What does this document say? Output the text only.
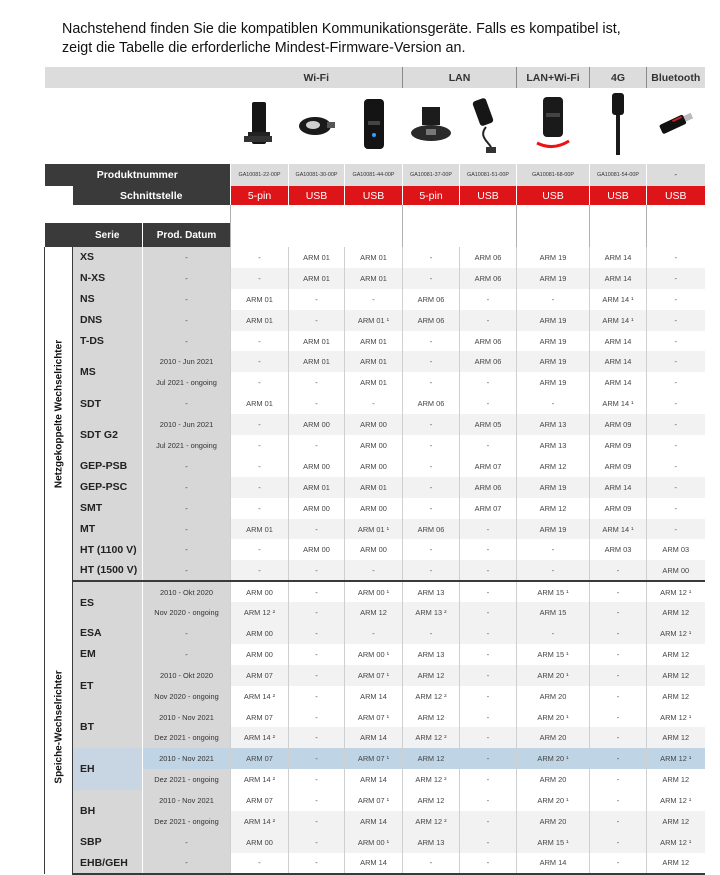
Nachstehend finden Sie die kompatiblen Kommunikationsgeräte. Falls es kompatibel ist,

zeigt die Tabelle die erforderliche Mindest-Firmware-Version an.

			Wi-Fi			LAN		LAN+Wi-Fi	4G	Bluetooth

Produktnummer			GA10081-22-00P	GA10081-30-00P	GA10081-44-00P	GA10081-37-00P	GA10081-51-00P	GA10081-68-00P	GA10081-54-00P	-
	Schnittstelle		5-pin	USB	USB	5-pin	USB	USB	USB	USB

	Serie	Prod. Datum								

Netzgekoppelte Wechselrichter	XS	-	-	ARM 01	ARM 01	-	ARM 06	ARM 19	ARM 14	-
	N-XS	-	-	ARM 01	ARM 01	-	ARM 06	ARM 19	ARM 14	-
	NS	-	ARM 01	-	-	ARM 06	-	-	ARM 14 ¹	-
	DNS	-	ARM 01	-	ARM 01 ¹	ARM 06	-	ARM 19	ARM 14 ¹	-
	T-DS	-	-	ARM 01	ARM 01	-	ARM 06	ARM 19	ARM 14	-
	MS	2010 - Jun 2021	-	ARM 01	ARM 01	-	ARM 06	ARM 19	ARM 14	-
		Jul 2021 - ongoing	-	-	ARM 01	-	-	ARM 19	ARM 14	-
	SDT	-	ARM 01	-	-	ARM 06	-	-	ARM 14 ¹	-
	SDT G2	2010 - Jun 2021	-	ARM 00	ARM 00	-	ARM 05	ARM 13	ARM 09	-
		Jul 2021 - ongoing	-	-	ARM 00	-	-	ARM 13	ARM 09	-
	GEP-PSB	-	-	ARM 00	ARM 00	-	ARM 07	ARM 12	ARM 09	-
	GEP-PSC	-	-	ARM 01	ARM 01	-	ARM 06	ARM 19	ARM 14	-
	SMT	-	-	ARM 00	ARM 00	-	ARM 07	ARM 12	ARM 09	-
	MT	-	ARM 01	-	ARM 01 ¹	ARM 06	-	ARM 19	ARM 14 ¹	-
	HT (1100 V)	-	-	ARM 00	ARM 00	-	-	-	ARM 03	ARM 03
	HT (1500 V)	-	-	-	-	-	-	-	-	ARM 00

Speiche-Wechselrichter	ES	2010 - Okt 2020	ARM 00	-	ARM 00 ¹	ARM 13	-	ARM 15 ¹	-	ARM 12 ¹
		Nov 2020 - ongoing	ARM 12 ²	-	ARM 12	ARM 13 ²	-	ARM 15	-	ARM 12
	ESA	-	ARM 00	-	-	-	-	-	-	ARM 12 ¹
	EM	-	ARM 00	-	ARM 00 ¹	ARM 13	-	ARM 15 ¹	-	ARM 12
	ET	2010 - Okt 2020	ARM 07	-	ARM 07 ¹	ARM 12	-	ARM 20 ¹	-	ARM 12
		Nov 2020 - ongoing	ARM 14 ²	-	ARM 14	ARM 12 ²	-	ARM 20	-	ARM 12
	BT	2010 - Nov 2021	ARM 07	-	ARM 07 ¹	ARM 12	-	ARM 20 ¹	-	ARM 12 ¹
		Dez 2021 - ongoing	ARM 14 ²	-	ARM 14	ARM 12 ²	-	ARM 20	-	ARM 12
	EH	2010 - Nov 2021	ARM 07	-	ARM 07 ¹	ARM 12	-	ARM 20 ¹	-	ARM 12 ¹
		Dez 2021 - ongoing	ARM 14 ²	-	ARM 14	ARM 12 ²	-	ARM 20	-	ARM 12
	BH	2010 - Nov 2021	ARM 07	-	ARM 07 ¹	ARM 12	-	ARM 20 ¹	-	ARM 12 ¹
		Dez 2021 - ongoing	ARM 14 ²	-	ARM 14	ARM 12 ²	-	ARM 20	-	ARM 12
	SBP	-	ARM 00	-	ARM 00 ¹	ARM 13	-	ARM 15 ¹	-	ARM 12 ¹
	EHB/GEH	-	-	-	ARM 14	-	-	ARM 14	-	ARM 12
